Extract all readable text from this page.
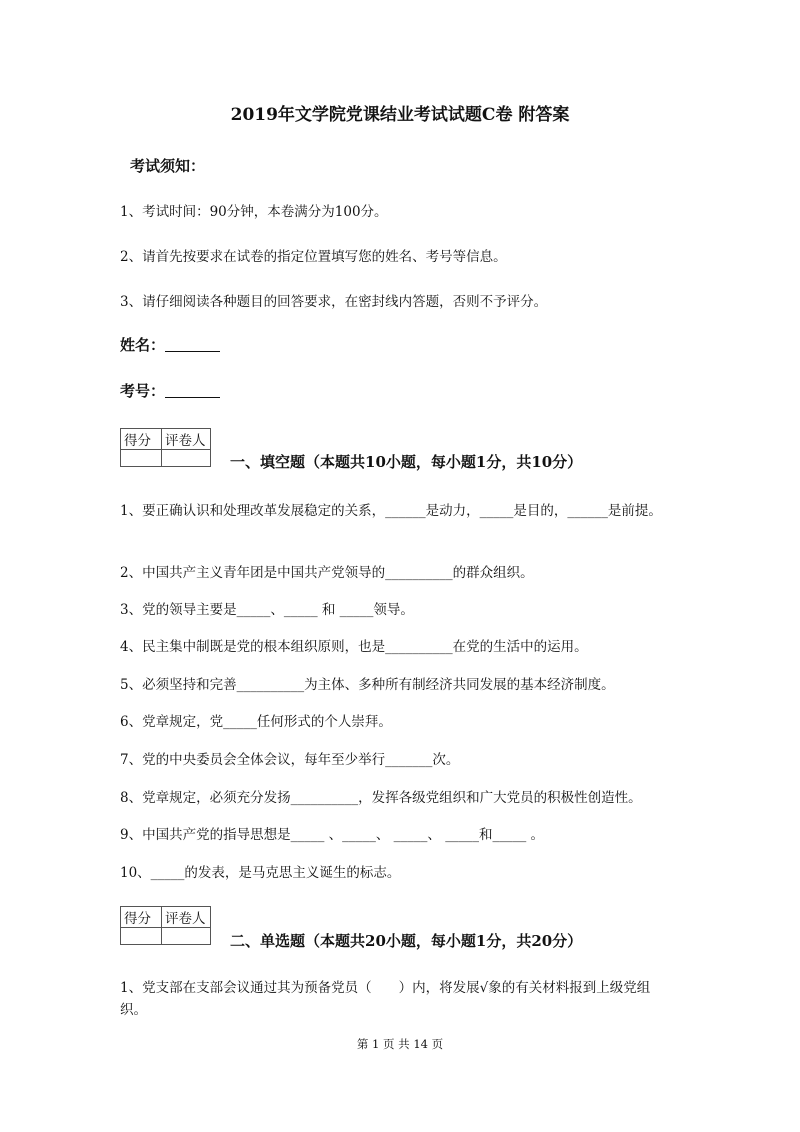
2019年文学院党课结业考试试题C卷 附答案
考试须知：
1、考试时间：90分钟，本卷满分为100分。
2、请首先按要求在试卷的指定位置填写您的姓名、考号等信息。
3、请仔细阅读各种题目的回答要求，在密封线内答题，否则不予评分。
姓名：
考号：
得分	评卷人

一、填空题（本题共10小题，每小题1分，共10分）
1、要正确认识和处理改革发展稳定的关系，______是动力，_____是目的，______是前提。
2、中国共产主义青年团是中国共产党领导的__________的群众组织。
3、党的领导主要是_____、_____ 和 _____领导。
4、民主集中制既是党的根本组织原则，也是__________在党的生活中的运用。
5、必须坚持和完善__________为主体、多种所有制经济共同发展的基本经济制度。
6、党章规定，党_____任何形式的个人崇拜。
7、党的中央委员会全体会议，每年至少举行_______次。
8、党章规定，必须充分发扬__________，发挥各级党组织和广大党员的积极性创造性。
9、中国共产党的指导思想是_____ 、_____、 _____、 _____和_____ 。
10、_____的发表，是马克思主义诞生的标志。
得分	评卷人

二、单选题（本题共20小题，每小题1分，共20分）
1、党支部在支部会议通过其为预备党员（　　）内，将发展√象的有关材料报到上级党组
织。
第 1 页 共 14 页
